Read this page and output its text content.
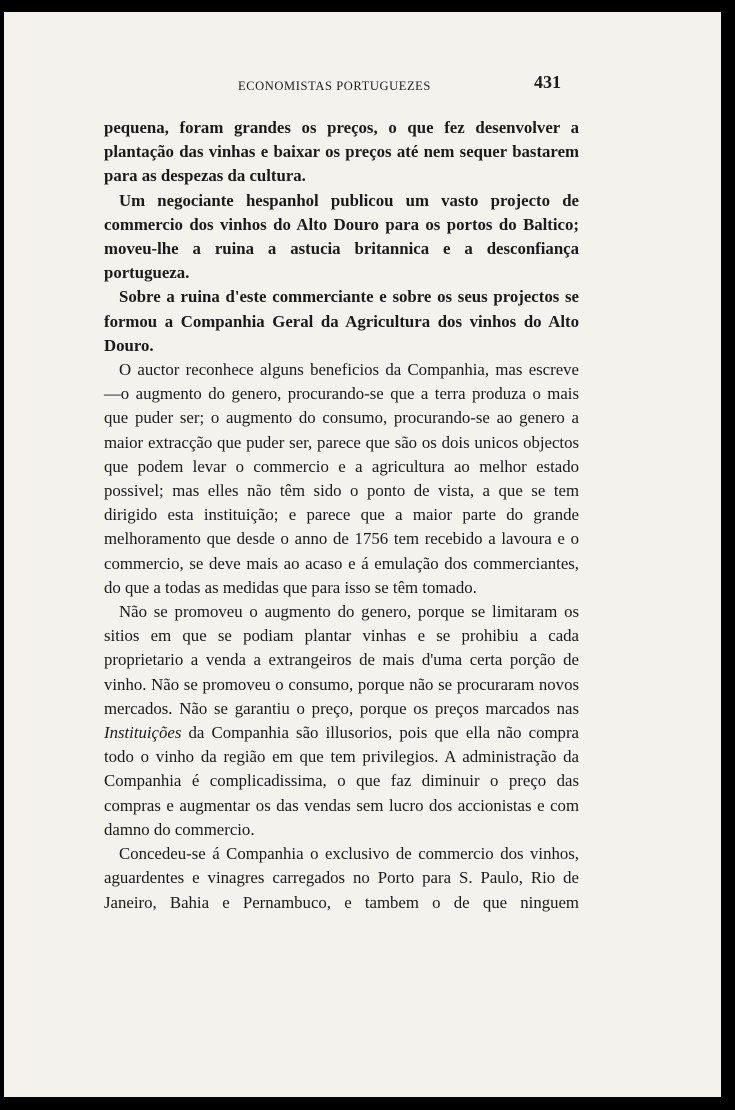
ECONOMISTAS PORTUGUEZES	431

pequena, foram grandes os preços, o que fez desenvolver a plantação das vinhas e baixar os preços até nem sequer bastarem para as despezas da cultura.

Um negociante hespanhol publicou um vasto projecto de commercio dos vinhos do Alto Douro para os portos do Baltico; moveu-lhe a ruina a astucia britannica e a desconfiança portugueza.

Sobre a ruina d'este commerciante e sobre os seus projectos se formou a Companhia Geral da Agricultura dos vinhos do Alto Douro.

O auctor reconhece alguns beneficios da Companhia, mas escreve —o augmento do genero, procurando-se que a terra produza o mais que puder ser; o augmento do consumo, procurando-se ao genero a maior extracção que puder ser, parece que são os dois unicos objectos que podem levar o commercio e a agricultura ao melhor estado possivel; mas elles não têm sido o ponto de vista, a que se tem dirigido esta instituição; e parece que a maior parte do grande melhoramento que desde o anno de 1756 tem recebido a lavoura e o commercio, se deve mais ao acaso e á emulação dos commerciantes, do que a todas as medidas que para isso se têm tomado.

Não se promoveu o augmento do genero, porque se limitaram os sitios em que se podiam plantar vinhas e se prohibiu a cada proprietario a venda a extrangeiros de mais d'uma certa porção de vinho. Não se promoveu o consumo, porque não se procuraram novos mercados. Não se garantiu o preço, porque os preços marcados nas Instituições da Companhia são illusorios, pois que ella não compra todo o vinho da região em que tem privilegios. A administração da Companhia é complicadissima, o que faz diminuir o preço das compras e augmentar os das vendas sem lucro dos accionistas e com damno do commercio.

Concedeu-se á Companhia o exclusivo de commercio dos vinhos, aguardentes e vinagres carregados no Porto para S. Paulo, Rio de Janeiro, Bahia e Pernambuco, e tambem o de que ninguem
